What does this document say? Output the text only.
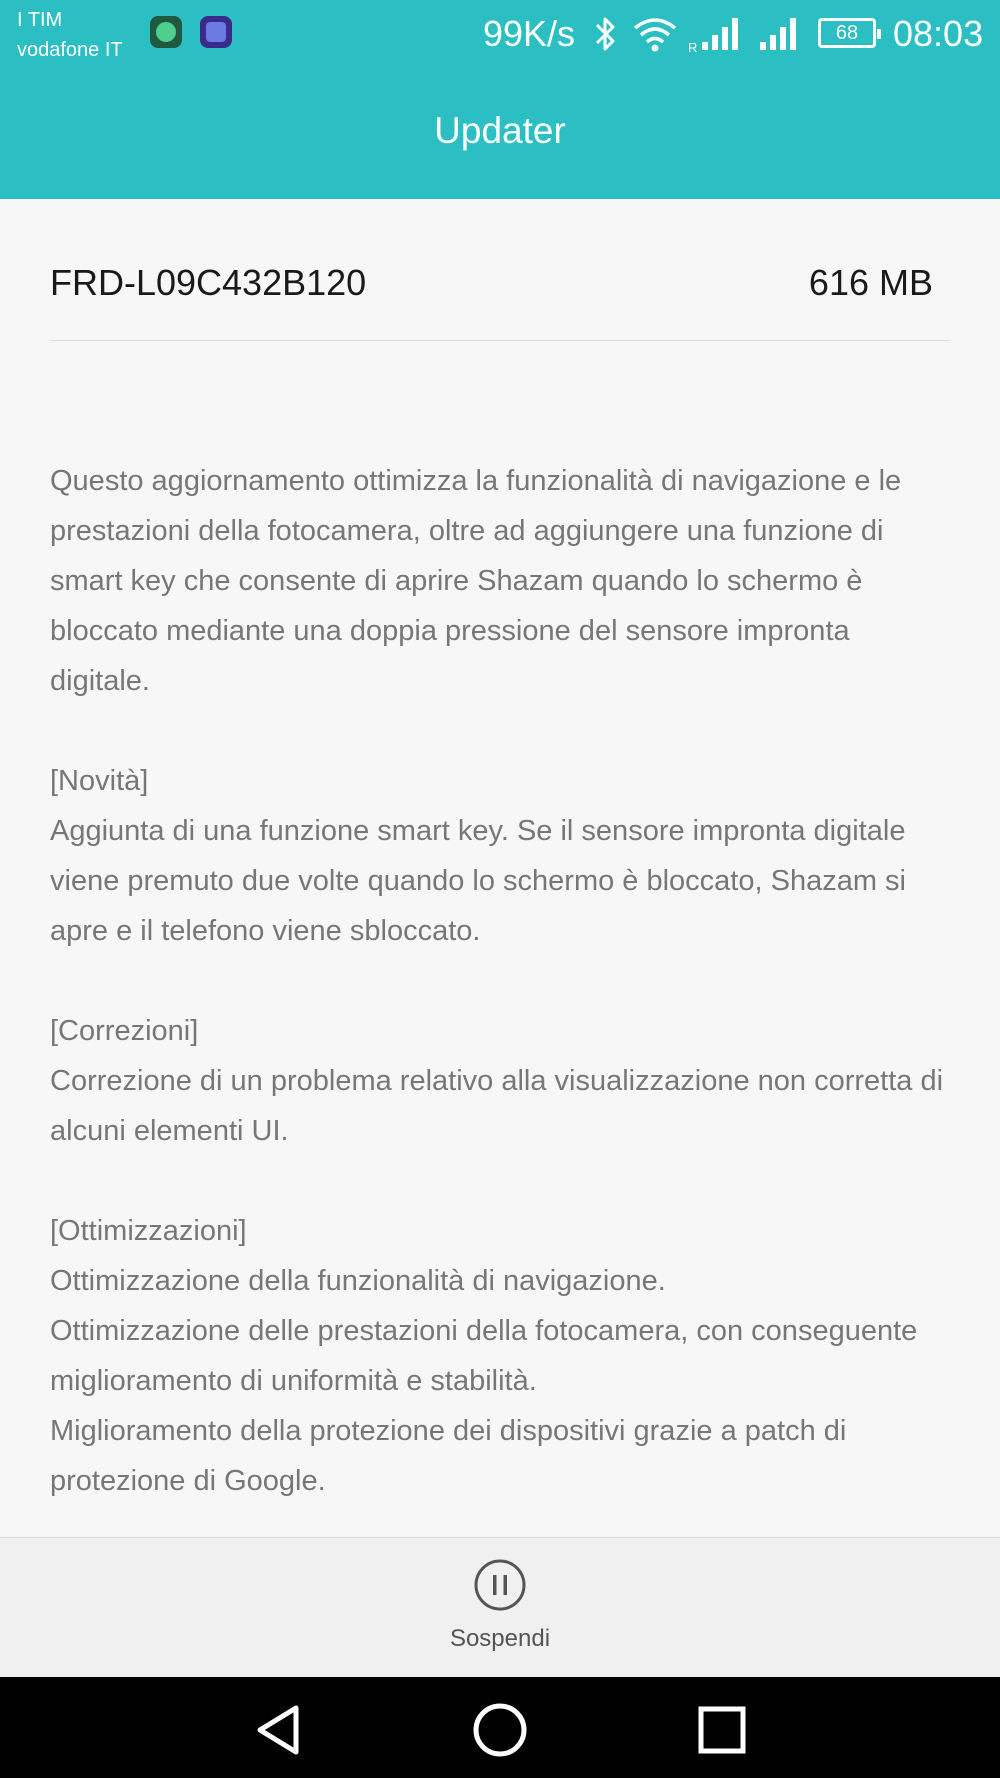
I TIM
vodafone IT	99K/s	R
68 08:03
Updater
FRD-L09C432B120	616 MB

Questo aggiornamento ottimizza la funzionalità di navigazione e le prestazioni della fotocamera, oltre ad aggiungere una funzione di smart key che consente di aprire Shazam quando lo schermo è bloccato mediante una doppia pressione del sensore impronta digitale.

[Novità]

Aggiunta di una funzione smart key. Se il sensore impronta digitale viene premuto due volte quando lo schermo è bloccato, Shazam si apre e il telefono viene sbloccato.

[Correzioni]

Correzione di un problema relativo alla visualizzazione non corretta di alcuni elementi UI.

[Ottimizzazioni]

Ottimizzazione della funzionalità di navigazione.

Ottimizzazione delle prestazioni della fotocamera, con conseguente miglioramento di uniformità e stabilità.

Miglioramento della protezione dei dispositivi grazie a patch di protezione di Google.

Sospendi
